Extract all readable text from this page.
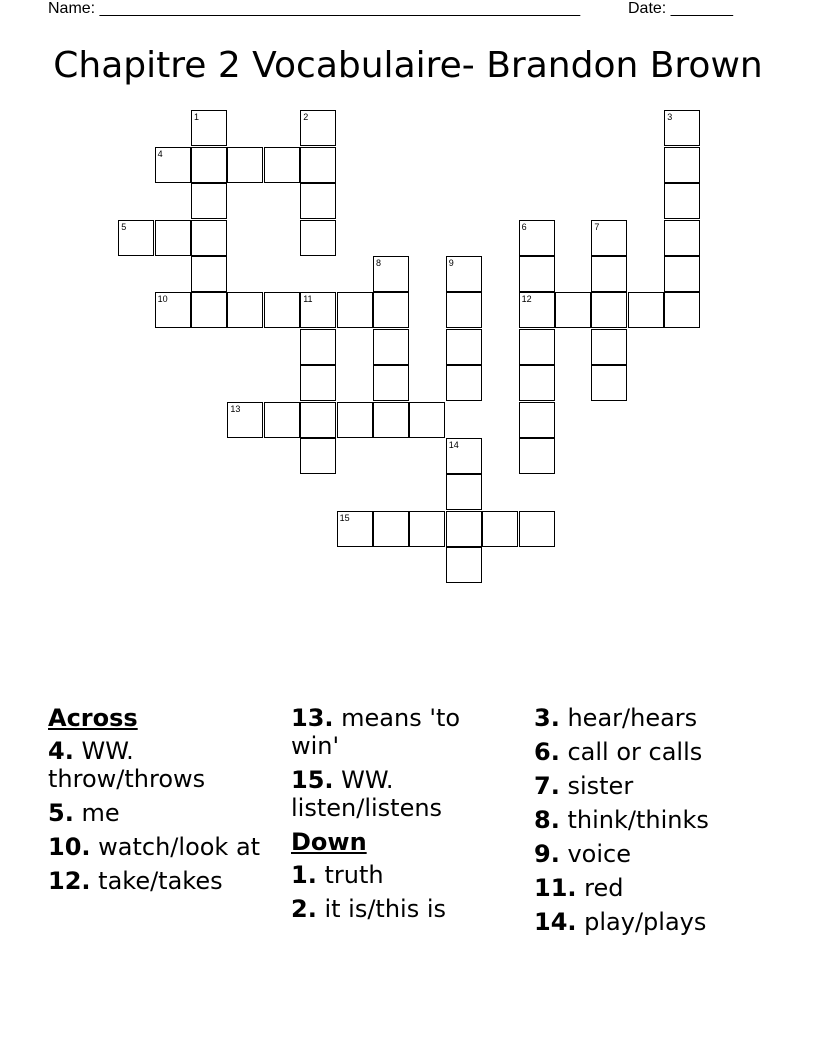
Name: ______________________________________________________	Date: _______
Chapitre 2 Vocabulaire- Brandon Brown
1	2	3
4
5	6	7
8	9
10	11	12
13
14
15
Across
4. WW. throw/throws
5. me
10. watch/look at
12. take/takes
13. means 'to win'
15. WW. listen/listens
Down
1. truth
2. it is/this is
3. hear/hears
6. call or calls
7. sister
8. think/thinks
9. voice
11. red
14. play/plays
